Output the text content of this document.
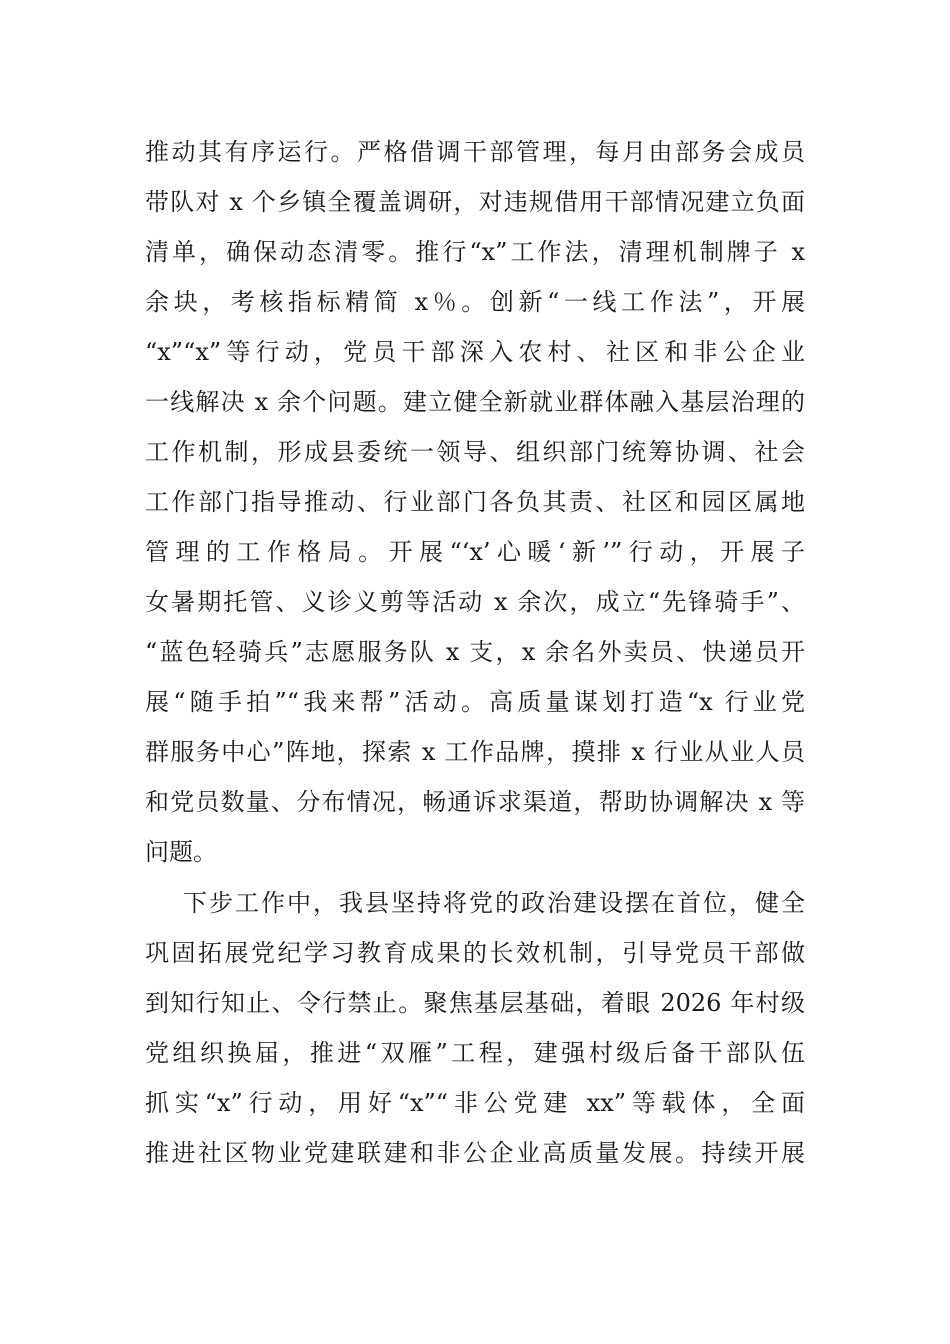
推动其有序运行。严格借调干部管理，每月由部务会成员
带队对 x 个乡镇全覆盖调研，对违规借用干部情况建立负面
清单，确保动态清零。推行“x”工作法，清理机制牌子 x
余块，考核指标精简 x％。创新“一线工作法”，开展
“x”“x”等行动，党员干部深入农村、社区和非公企业
一线解决 x 余个问题。建立健全新就业群体融入基层治理的
工作机制，形成县委统一领导、组织部门统筹协调、社会
工作部门指导推动、行业部门各负其责、社区和园区属地
管理的工作格局。开展“‘x’心暖‘新’”行动，开展子
女暑期托管、义诊义剪等活动 x 余次，成立“先锋骑手”、
“蓝色轻骑兵”志愿服务队 x 支，x 余名外卖员、快递员开
展“随手拍”“我来帮”活动。高质量谋划打造“x 行业党
群服务中心”阵地，探索 x 工作品牌，摸排 x 行业从业人员
和党员数量、分布情况，畅通诉求渠道，帮助协调解决 x 等
问题。
下步工作中，我县坚持将党的政治建设摆在首位，健全
巩固拓展党纪学习教育成果的长效机制，引导党员干部做
到知行知止、令行禁止。聚焦基层基础，着眼 2026 年村级
党组织换届，推进“双雁”工程，建强村级后备干部队伍
抓实“x”行动，用好“x”“非公党建 xx”等载体，全面
推进社区物业党建联建和非公企业高质量发展。持续开展
